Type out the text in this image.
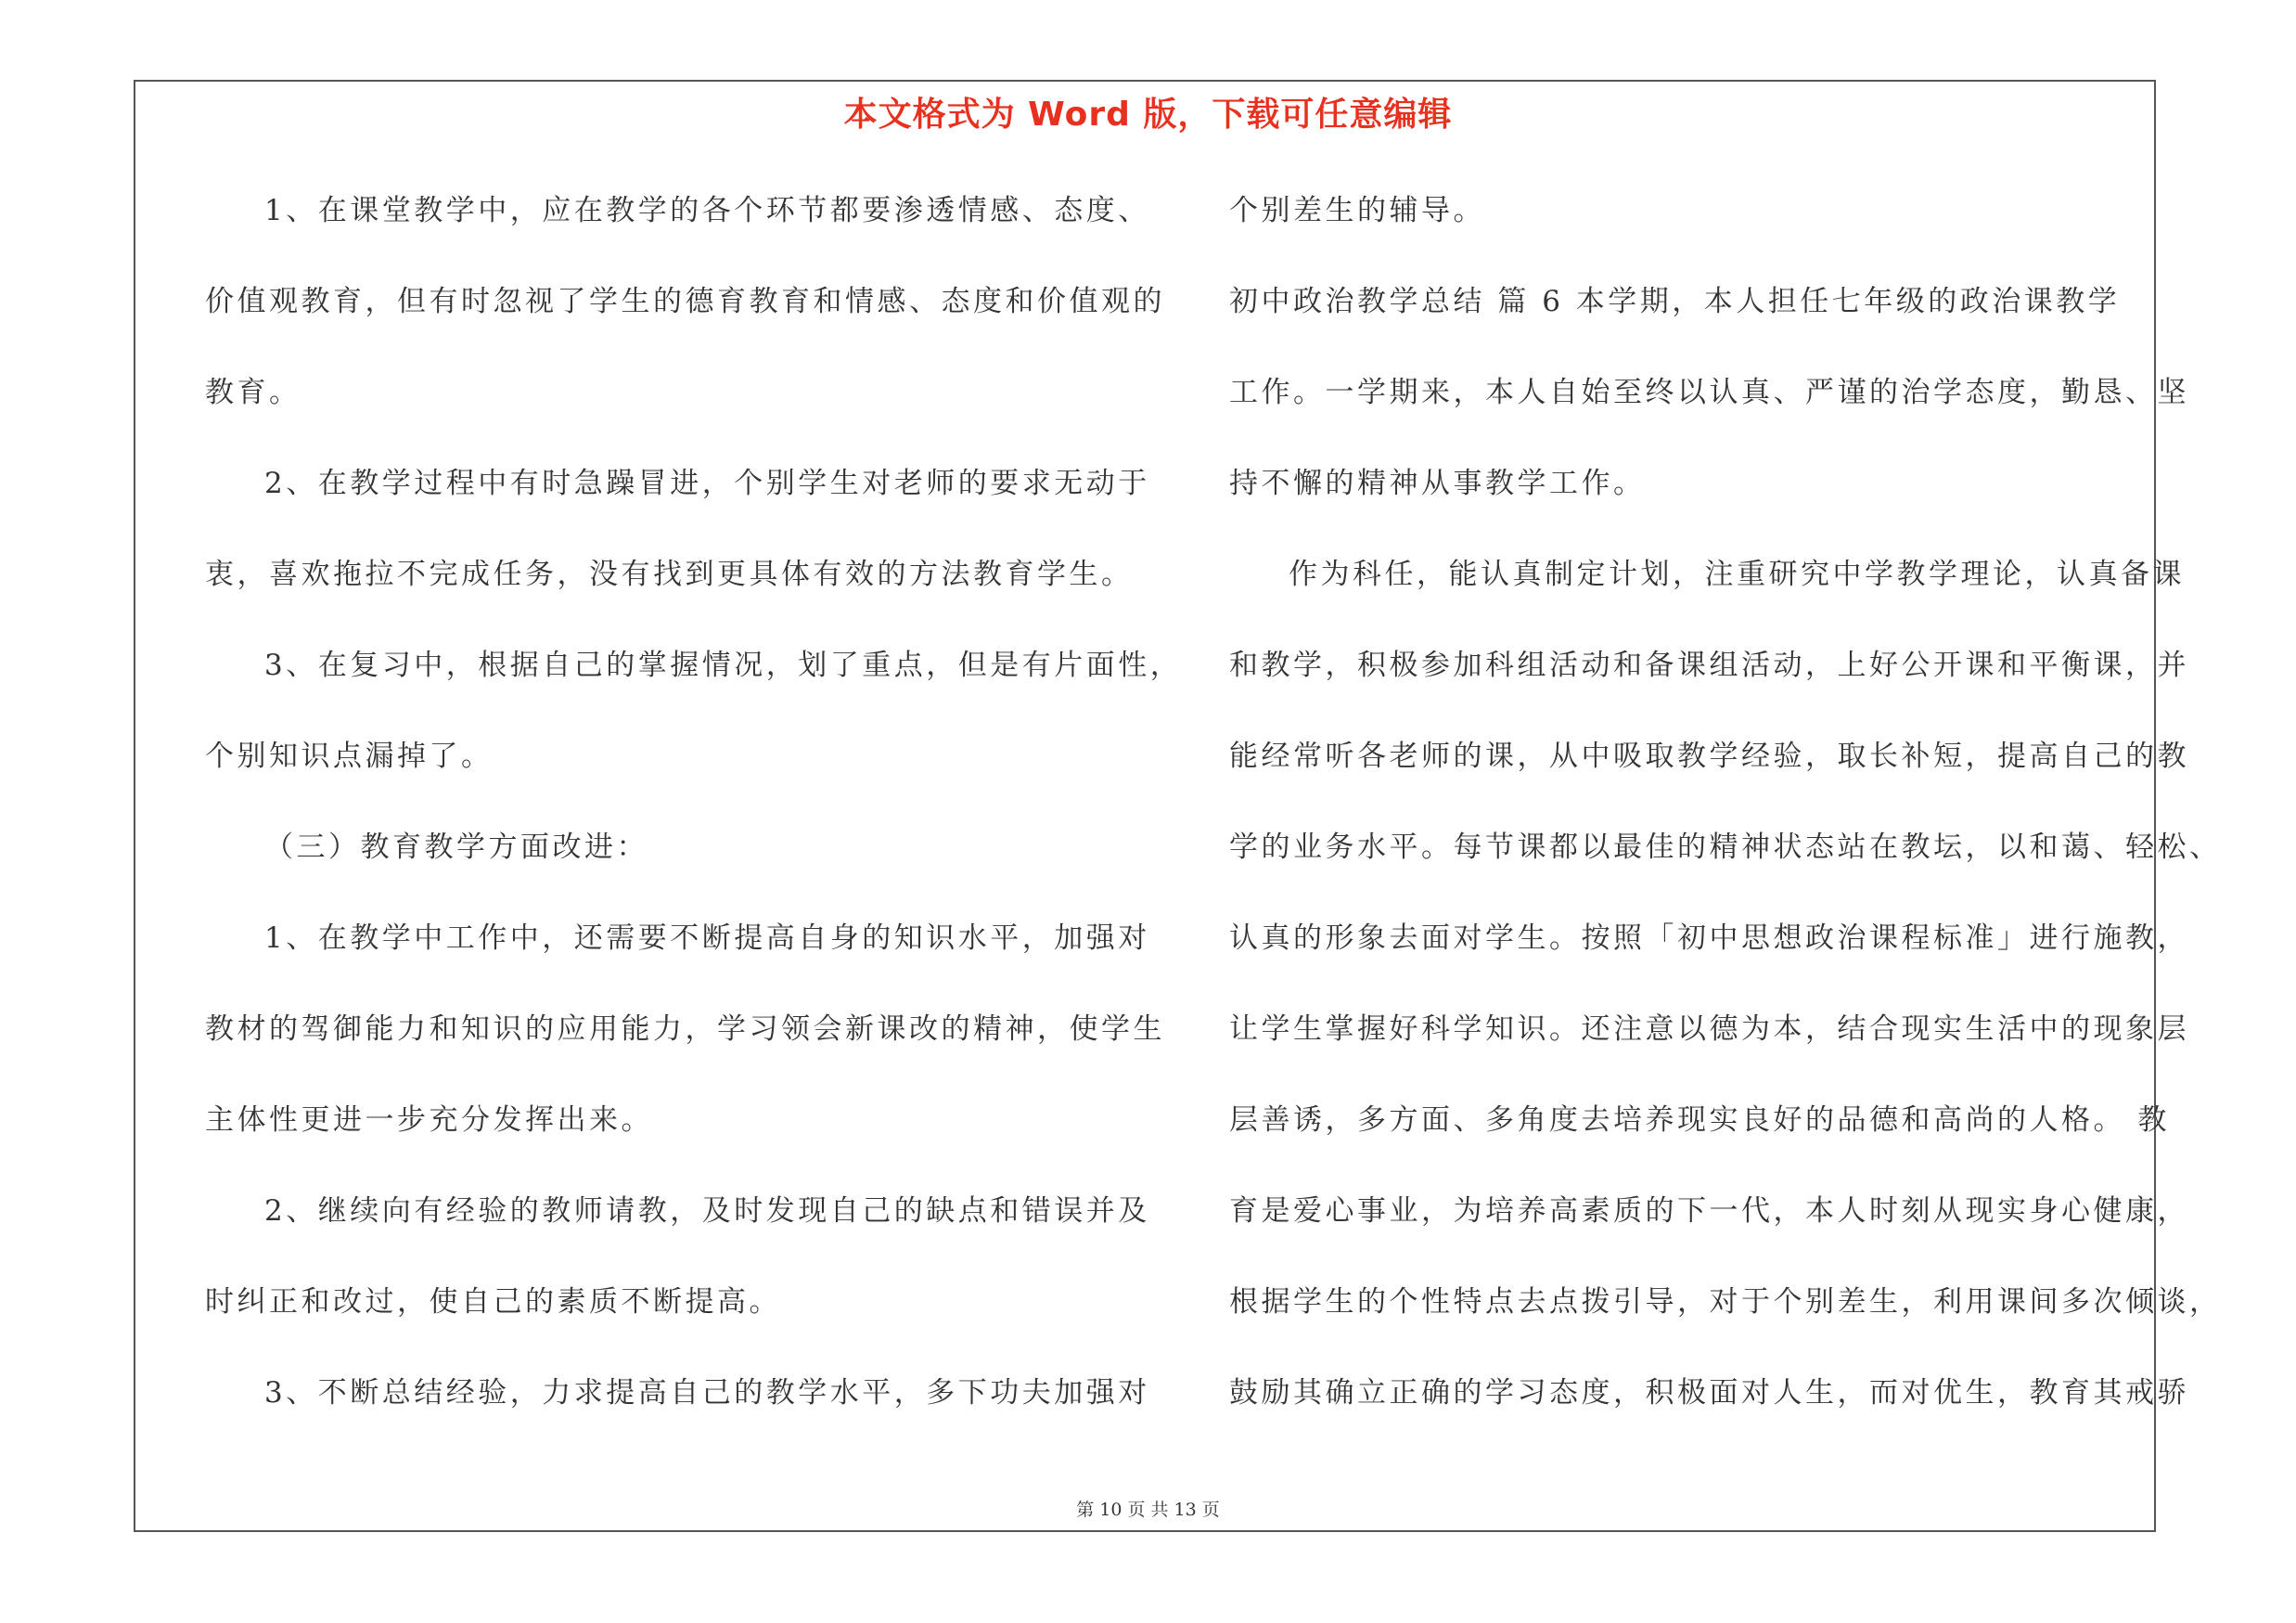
本文格式为 Word 版，下载可任意编辑
1、在课堂教学中，应在教学的各个环节都要渗透情感、态度、
价值观教育，但有时忽视了学生的德育教育和情感、态度和价值观的
教育。
2、在教学过程中有时急躁冒进，个别学生对老师的要求无动于
衷，喜欢拖拉不完成任务，没有找到更具体有效的方法教育学生。
3、在复习中，根据自己的掌握情况，划了重点，但是有片面性，
个别知识点漏掉了。
（三）教育教学方面改进：
1、在教学中工作中，还需要不断提高自身的知识水平，加强对
教材的驾御能力和知识的应用能力，学习领会新课改的精神，使学生
主体性更进一步充分发挥出来。
2、继续向有经验的教师请教，及时发现自己的缺点和错误并及
时纠正和改过，使自己的素质不断提高。
3、不断总结经验，力求提高自己的教学水平，多下功夫加强对
个别差生的辅导。
初中政治教学总结 篇 6 本学期，本人担任七年级的政治课教学
工作。一学期来，本人自始至终以认真、严谨的治学态度，勤恳、坚
持不懈的精神从事教学工作。
作为科任，能认真制定计划，注重研究中学教学理论，认真备课
和教学，积极参加科组活动和备课组活动，上好公开课和平衡课，并
能经常听各老师的课，从中吸取教学经验，取长补短，提高自己的教
学的业务水平。每节课都以最佳的精神状态站在教坛，以和蔼、轻松、
认真的形象去面对学生。按照「初中思想政治课程标准」进行施教，
让学生掌握好科学知识。还注意以德为本，结合现实生活中的现象层
层善诱，多方面、多角度去培养现实良好的品德和高尚的人格。 教
育是爱心事业，为培养高素质的下一代，本人时刻从现实身心健康，
根据学生的个性特点去点拨引导，对于个别差生，利用课间多次倾谈，
鼓励其确立正确的学习态度，积极面对人生，而对优生，教育其戒骄
第 10 页 共 13 页
